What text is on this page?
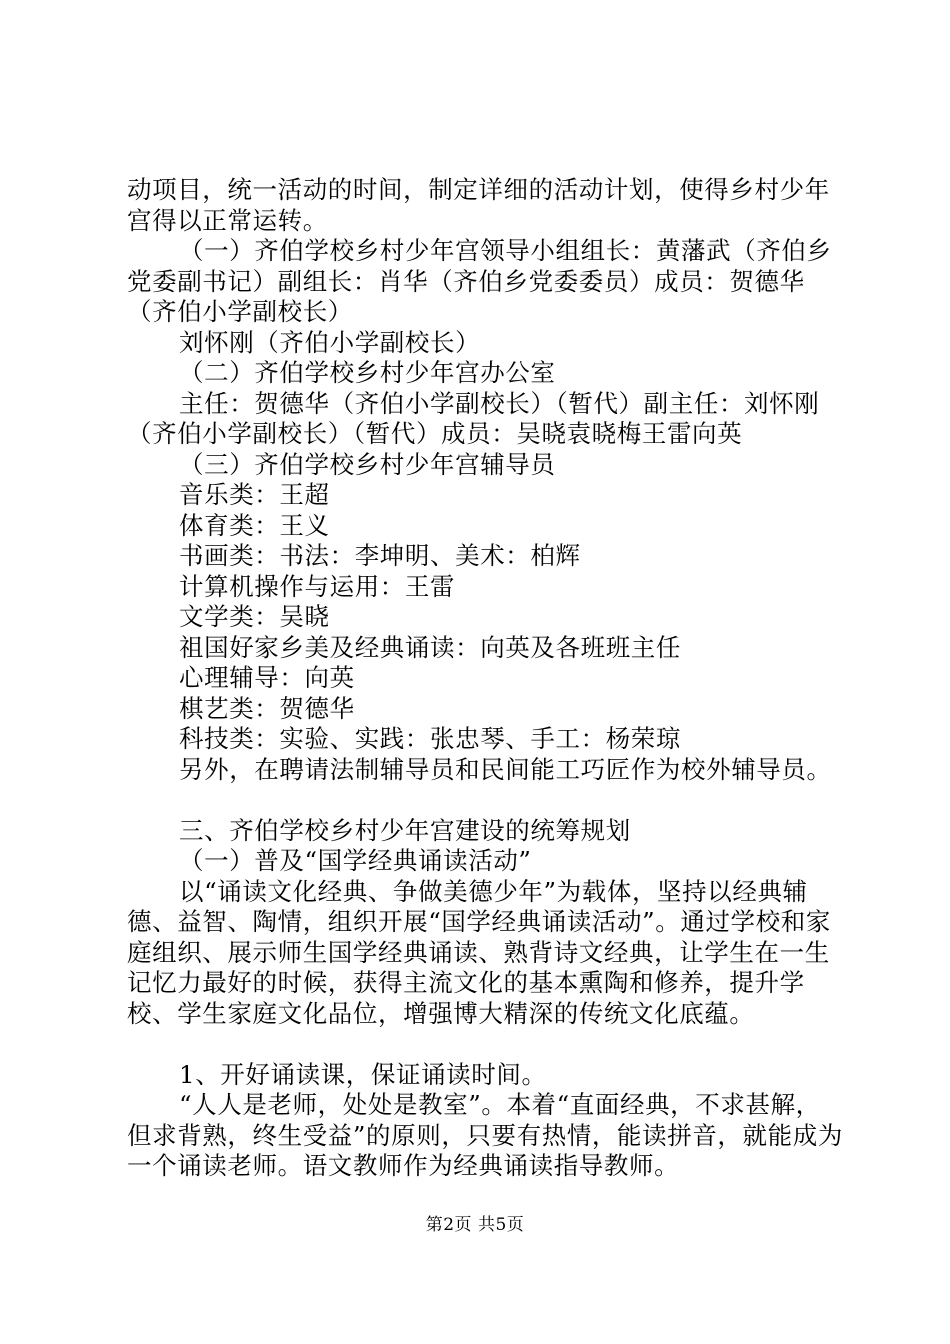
动项目，统一活动的时间，制定详细的活动计划，使得乡村少年宫得以正常运转。

（一）齐伯学校乡村少年宫领导小组组长：黄藩武（齐伯乡党委副书记）副组长：肖华（齐伯乡党委委员）成员：贺德华（齐伯小学副校长）

刘怀刚（齐伯小学副校长）

（二）齐伯学校乡村少年宫办公室

主任：贺德华（齐伯小学副校长）（暂代）副主任：刘怀刚（齐伯小学副校长）（暂代）成员：吴晓袁晓梅王雷向英

（三）齐伯学校乡村少年宫辅导员

音乐类：王超

体育类：王义

书画类：书法：李坤明、美术：柏辉

计算机操作与运用：王雷

文学类：吴晓

祖国好家乡美及经典诵读：向英及各班班主任

心理辅导：向英

棋艺类：贺德华

科技类：实验、实践：张忠琴、手工：杨荣琼

另外，在聘请法制辅导员和民间能工巧匠作为校外辅导员。

三、齐伯学校乡村少年宫建设的统筹规划

（一）普及“国学经典诵读活动”

以“诵读文化经典、争做美德少年”为载体，坚持以经典辅德、益智、陶情，组织开展“国学经典诵读活动”。通过学校和家庭组织、展示师生国学经典诵读、熟背诗文经典，让学生在一生记忆力最好的时候，获得主流文化的基本熏陶和修养，提升学校、学生家庭文化品位，增强博大精深的传统文化底蕴。

1、开好诵读课，保证诵读时间。

“人人是老师，处处是教室”。本着“直面经典，不求甚解，但求背熟，终生受益”的原则，只要有热情，能读拼音，就能成为一个诵读老师。语文教师作为经典诵读指导教师。

第2页 共5页
